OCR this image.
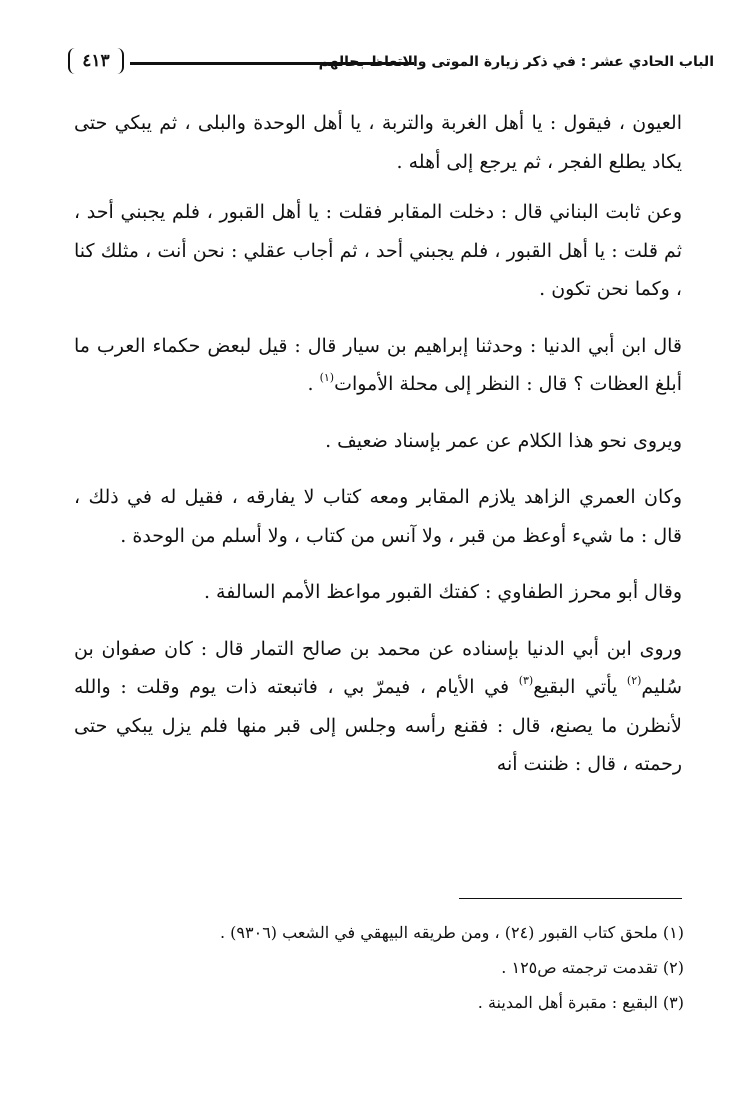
الباب الحادي عشر : في ذكر زيارة الموتى والاتعاظ بحالهم
٤١٣

العيون ، فيقول : يا أهل الغربة والتربة ، يا أهل الوحدة والبلى ، ثم يبكي حتى يكاد يطلع الفجر ، ثم يرجع إلى أهله .

وعن ثابت البناني قال : دخلت المقابر فقلت : يا أهل القبور ، فلم يجبني أحد ، ثم قلت : يا أهل القبور ، فلم يجبني أحد ، ثم أجاب عقلي : نحن أنت ، مثلك كنا ، وكما نحن تكون .

قال ابن أبي الدنيا : وحدثنا إبراهيم بن سيار قال : قيل لبعض حكماء العرب ما أبلغ العظات ؟ قال : النظر إلى محلة الأموات$^{(١)}$ .

ويروى نحو هذا الكلام عن عمر بإسناد ضعيف .

وكان العمري الزاهد يلازم المقابر ومعه كتاب لا يفارقه ، فقيل له في ذلك ، قال : ما شيء أوعظ من قبر ، ولا آنس من كتاب ، ولا أسلم من الوحدة .

وقال أبو محرز الطفاوي : كفتك القبور مواعظ الأمم السالفة .

وروى ابن أبي الدنيا بإسناده عن محمد بن صالح التمار قال : كان صفوان بن سُليم$^{(٢)}$ يأتي البقيع$^{(٣)}$ في الأيام ، فيمرّ بي ، فاتبعته ذات يوم وقلت : والله لأنظرن ما يصنع، قال : فقنع رأسه وجلس إلى قبر منها فلم يزل يبكي حتى رحمته ، قال : ظننت أنه

(١) ملحق كتاب القبور (٢٤) ، ومن طريقه البيهقي في الشعب (٩٣٠٦) .

(٢) تقدمت ترجمته ص١٢٥ .

(٣) البقيع : مقبرة أهل المدينة .
